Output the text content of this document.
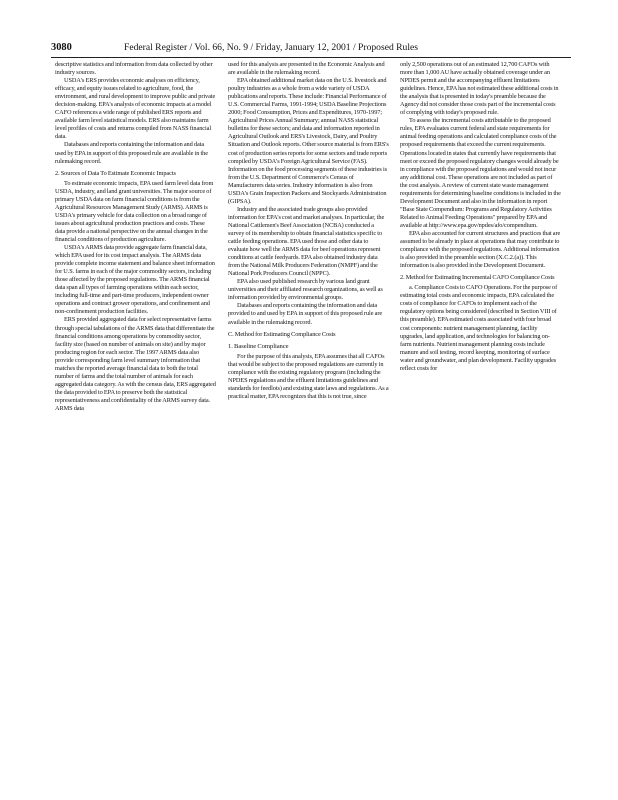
3080	Federal Register / Vol. 66, No. 9 / Friday, January 12, 2001 / Proposed Rules

descriptive statistics and information from data collected by other industry sources.

USDA's ERS provides economic analyses on efficiency, efficacy, and equity issues related to agriculture, food, the environment, and rural development to improve public and private decision-making. EPA's analysis of economic impacts at a model CAFO references a wide range of published ERS reports and available farm level statistical models. ERS also maintains farm level profiles of costs and returns compiled from NASS financial data.

Databases and reports containing the information and data used by EPA in support of this proposed rule are available in the rulemaking record.

2. Sources of Data To Estimate Economic Impacts

To estimate economic impacts, EPA used farm level data from USDA, industry, and land grant universities. The major source of primary USDA data on farm financial conditions is from the Agricultural Resources Management Study (ARMS). ARMS is USDA's primary vehicle for data collection on a broad range of issues about agricultural production practices and costs. These data provide a national perspective on the annual changes in the financial conditions of production agriculture.

USDA's ARMS data provide aggregate farm financial data, which EPA used for its cost impact analysis. The ARMS data provide complete income statement and balance sheet information for U.S. farms in each of the major commodity sectors, including those affected by the proposed regulations. The ARMS financial data span all types of farming operations within each sector, including full-time and part-time producers, independent owner operations and contract grower operations, and confinement and non-confinement production facilities.

ERS provided aggregated data for select representative farms through special tabulations of the ARMS data that differentiate the financial conditions among operations by commodity sector, facility size (based on number of animals on site) and by major producing region for each sector. The 1997 ARMS data also provide corresponding farm level summary information that matches the reported average financial data to both the total number of farms and the total number of animals for each aggregated data category. As with the census data, ERS aggregated the data provided to EPA to preserve both the statistical representativeness and confidentiality of the ARMS survey data. ARMS data

used for this analysis are presented in the Economic Analysis and are available in the rulemaking record.

EPA obtained additional market data on the U.S. livestock and poultry industries as a whole from a wide variety of USDA publications and reports. These include: Financial Performance of U.S. Commercial Farms, 1991-1994; USDA Baseline Projections 2000; Food Consumption, Prices and Expenditures, 1970-1997; Agricultural Prices Annual Summary; annual NASS statistical bulletins for these sectors; and data and information reported in Agricultural Outlook and ERS's Livestock, Dairy, and Poultry Situation and Outlook reports. Other source material is from ERS's cost of production series reports for some sectors and trade reports compiled by USDA's Foreign Agricultural Service (FAS). Information on the food processing segments of these industries is from the U.S. Department of Commerce's Census of Manufacturers data series. Industry information is also from USDA's Grain Inspection Packers and Stockyards Administration (GIPSA).

Industry and the associated trade groups also provided information for EPA's cost and market analyses. In particular, the National Cattlemen's Beef Association (NCBA) conducted a survey of its membership to obtain financial statistics specific to cattle feeding operations. EPA used those and other data to evaluate how well the ARMS data for beef operations represent conditions at cattle feedyards. EPA also obtained industry data from the National Milk Producers Federation (NMPF) and the National Pork Producers Council (NPPC).

EPA also used published research by various land grant universities and their affiliated research organizations, as well as information provided by environmental groups.

Databases and reports containing the information and data provided to and used by EPA in support of this proposed rule are available in the rulemaking record.

C. Method for Estimating Compliance Costs

1. Baseline Compliance

For the purpose of this analysis, EPA assumes that all CAFOs that would be subject to the proposed regulations are currently in compliance with the existing regulatory program (including the NPDES regulations and the effluent limitations guidelines and standards for feedlots) and existing state laws and regulations. As a practical matter, EPA recognizes that this is not true, since

only 2,500 operations out of an estimated 12,700 CAFOs with more than 1,000 AU have actually obtained coverage under an NPDES permit and the accompanying effluent limitations guidelines. Hence, EPA has not estimated these additional costs in the analysis that is presented in today's preamble because the Agency did not consider those costs part of the incremental costs of complying with today's proposed rule.

To assess the incremental costs attributable to the proposed rules, EPA evaluates current federal and state requirements for animal feeding operations and calculated compliance costs of the proposed requirements that exceed the current requirements. Operations located in states that currently have requirements that meet or exceed the proposed regulatory changes would already be in compliance with the proposed regulations and would not incur any additional cost. These operations are not included as part of the cost analysis. A review of current state waste management requirements for determining baseline conditions is included in the Development Document and also in the information in report "Base State Compendium: Programs and Regulatory Activities Related to Animal Feeding Operations" prepared by EPA and available at http://www.epa.gov/npdes/afo/compendium.

EPA also accounted for current structures and practices that are assumed to be already in place at operations that may contribute to compliance with the proposed regulations. Additional information is also provided in the preamble section (X.C.2.(a)). This information is also provided in the Development Document.

2. Method for Estimating Incremental CAFO Compliance Costs

a. Compliance Costs to CAFO Operations. For the purpose of estimating total costs and economic impacts, EPA calculated the costs of compliance for CAFOs to implement each of the regulatory options being considered (described in Section VIII of this preamble). EPA estimated costs associated with four broad cost components: nutrient management planning, facility upgrades, land application, and technologies for balancing on-farm nutrients. Nutrient management planning costs include manure and soil testing, record keeping, monitoring of surface water and groundwater, and plan development. Facility upgrades reflect costs for
